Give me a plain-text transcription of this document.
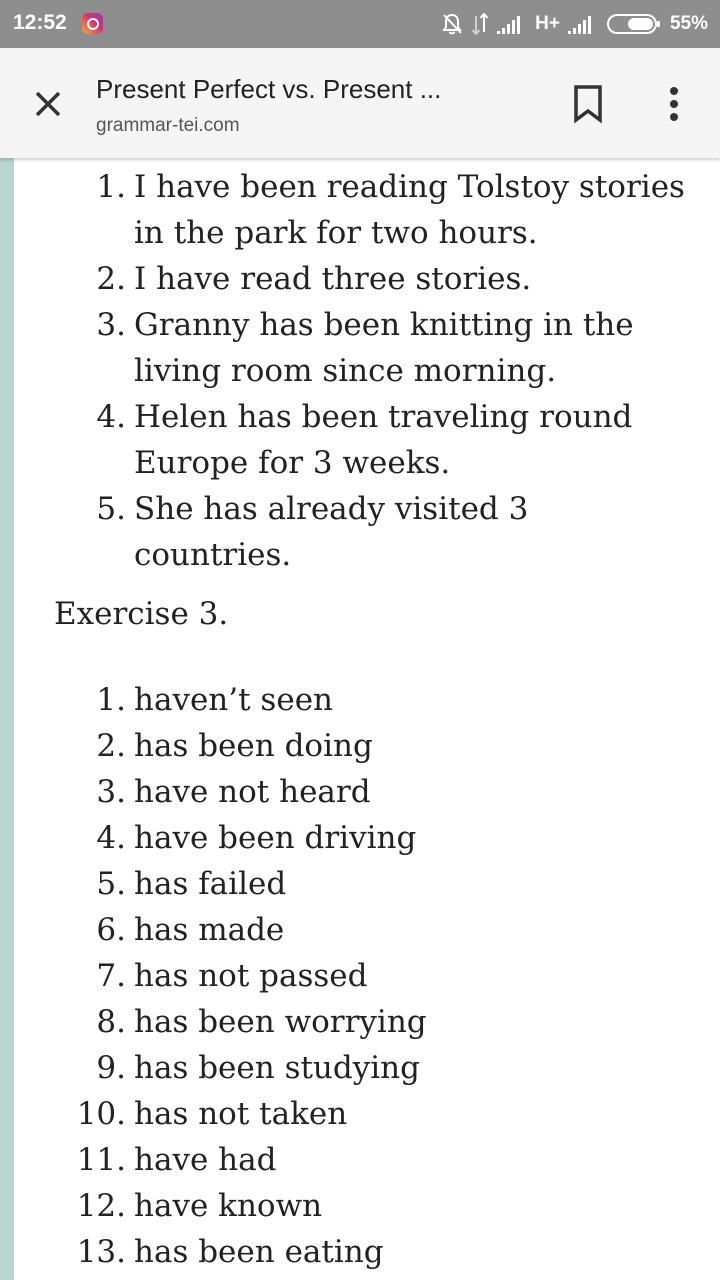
12:52	H+	55%
Present Perfect vs. Present ...
grammar-tei.com
1. I have been reading Tolstoy stories in the park for two hours.
2. I have read three stories.
3. Granny has been knitting in the living room since morning.
4. Helen has been traveling round Europe for 3 weeks.
5. She has already visited 3 countries.
Exercise 3.
1. haven’t seen
2. has been doing
3. have not heard
4. have been driving
5. has failed
6. has made
7. has not passed
8. has been worrying
9. has been studying
10. has not taken
11. have had
12. have known
13. has been eating
